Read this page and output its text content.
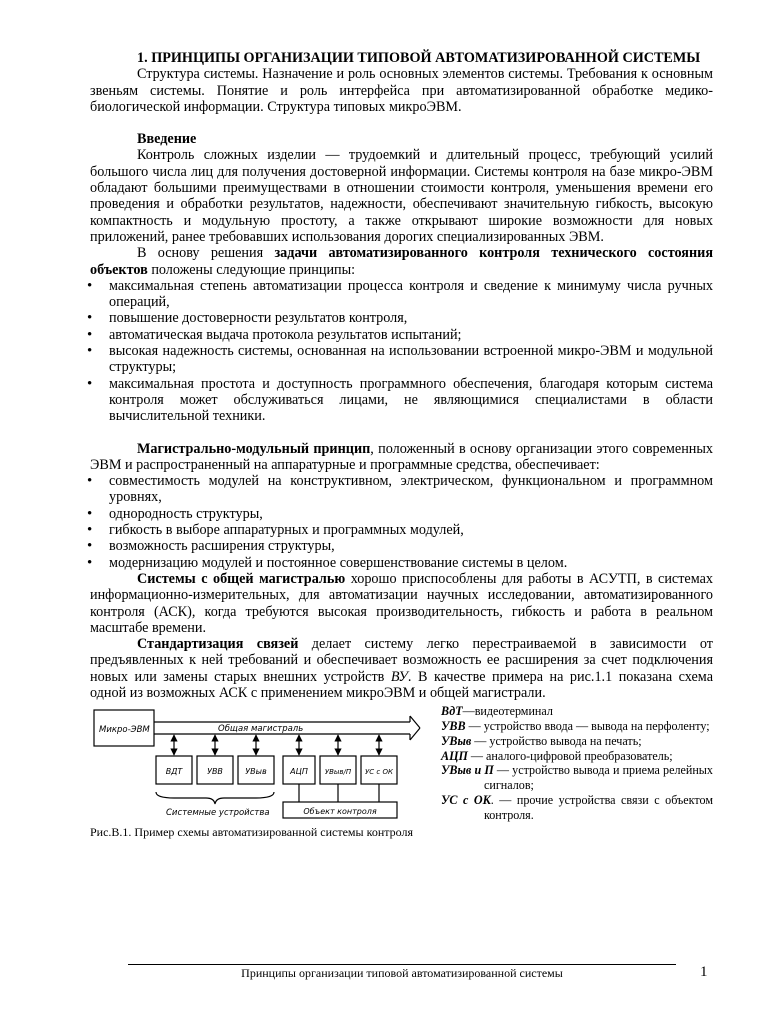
1. ПРИНЦИПЫ ОРГАНИЗАЦИИ ТИПОВОЙ АВТОМАТИЗИРОВАННОЙ СИСТЕМЫ

Структура системы. Назначение и роль основных элементов системы. Требования к основным звеньям системы. Понятие и роль интерфейса при автоматизированной обработке медико-биологической информации. Структура типовых микроЭВМ.

Введение

Контроль сложных изделии — трудоемкий и длительный процесс, требующий усилий большого числа лиц для получения достоверной информации. Системы контроля на базе микро-ЭВМ обладают большими преимуществами в отношении стоимости контроля, уменьшения времени его проведения и обработки результатов, надежности, обеспечивают значительную гибкость, высокую компактность и модульную простоту, а также открывают широкие возможности для новых приложений, ранее требовавших использования дорогих специализированных ЭВМ.

В основу решения задачи автоматизированного контроля технического состояния объектов положены следующие принципы:

• максимальная степень автоматизации процесса контроля и сведение к минимуму числа ручных операций,
• повышение достоверности результатов контроля,
• автоматическая выдача протокола результатов испытаний;
• высокая надежность системы, основанная на использовании встроенной микро-ЭВМ и модульной структуры;
• максимальная простота и доступность программного обеспечения, благодаря которым система контроля может обслуживаться лицами, не являющимися специалистами в области вычислительной техники.

Магистрально-модульный принцип, положенный в основу организации этого современных ЭВМ и распространенный на аппаратурные и программные средства, обеспечивает:

• совместимость модулей на конструктивном, электрическом, функциональном и программном уровнях,
• однородность структуры,
• гибкость в выборе аппаратурных и программных модулей,
• возможность расширения структуры,
• модернизацию модулей и постоянное совершенствование системы в целом.

Системы с общей магистралью хорошо приспособлены для работы в АСУТП, в системах информационно-измерительных, для автоматизации научных исследовании, автоматизированного контроля (АСК), когда требуются высокая производительность, гибкость и работа в реальном масштабе времени.

Стандартизация связей делает систему легко перестраиваемой в зависимости от предъявленных к ней требований и обеспечивает возможность ее расширения за счет подключения новых или замены старых внешних устройств ВУ. В качестве примера на рис.1.1 показана схема одной из возможных АСК с применением микроЭВМ и общей магистрали.

Микро-ЭВМ	Общая магистраль
ВДТ	УВВ	УВыв	АЦП УВыв/П УС с ОК
Системные устройства	Объект контроля
Рис.В.1. Пример схемы автоматизированной системы контроля
ВдТ—видеотерминал
УВВ — устройство ввода — вывода на перфоленту;
УВыв — устройство вывода на печать;
АЦП — аналого-цифровой преобразователь;
УВыв и П — устройство вывода и приема релейных сигналов;
УС с ОК. — прочие устройства связи с объектом контроля.
Принципы организации типовой автоматизированной системы	1
